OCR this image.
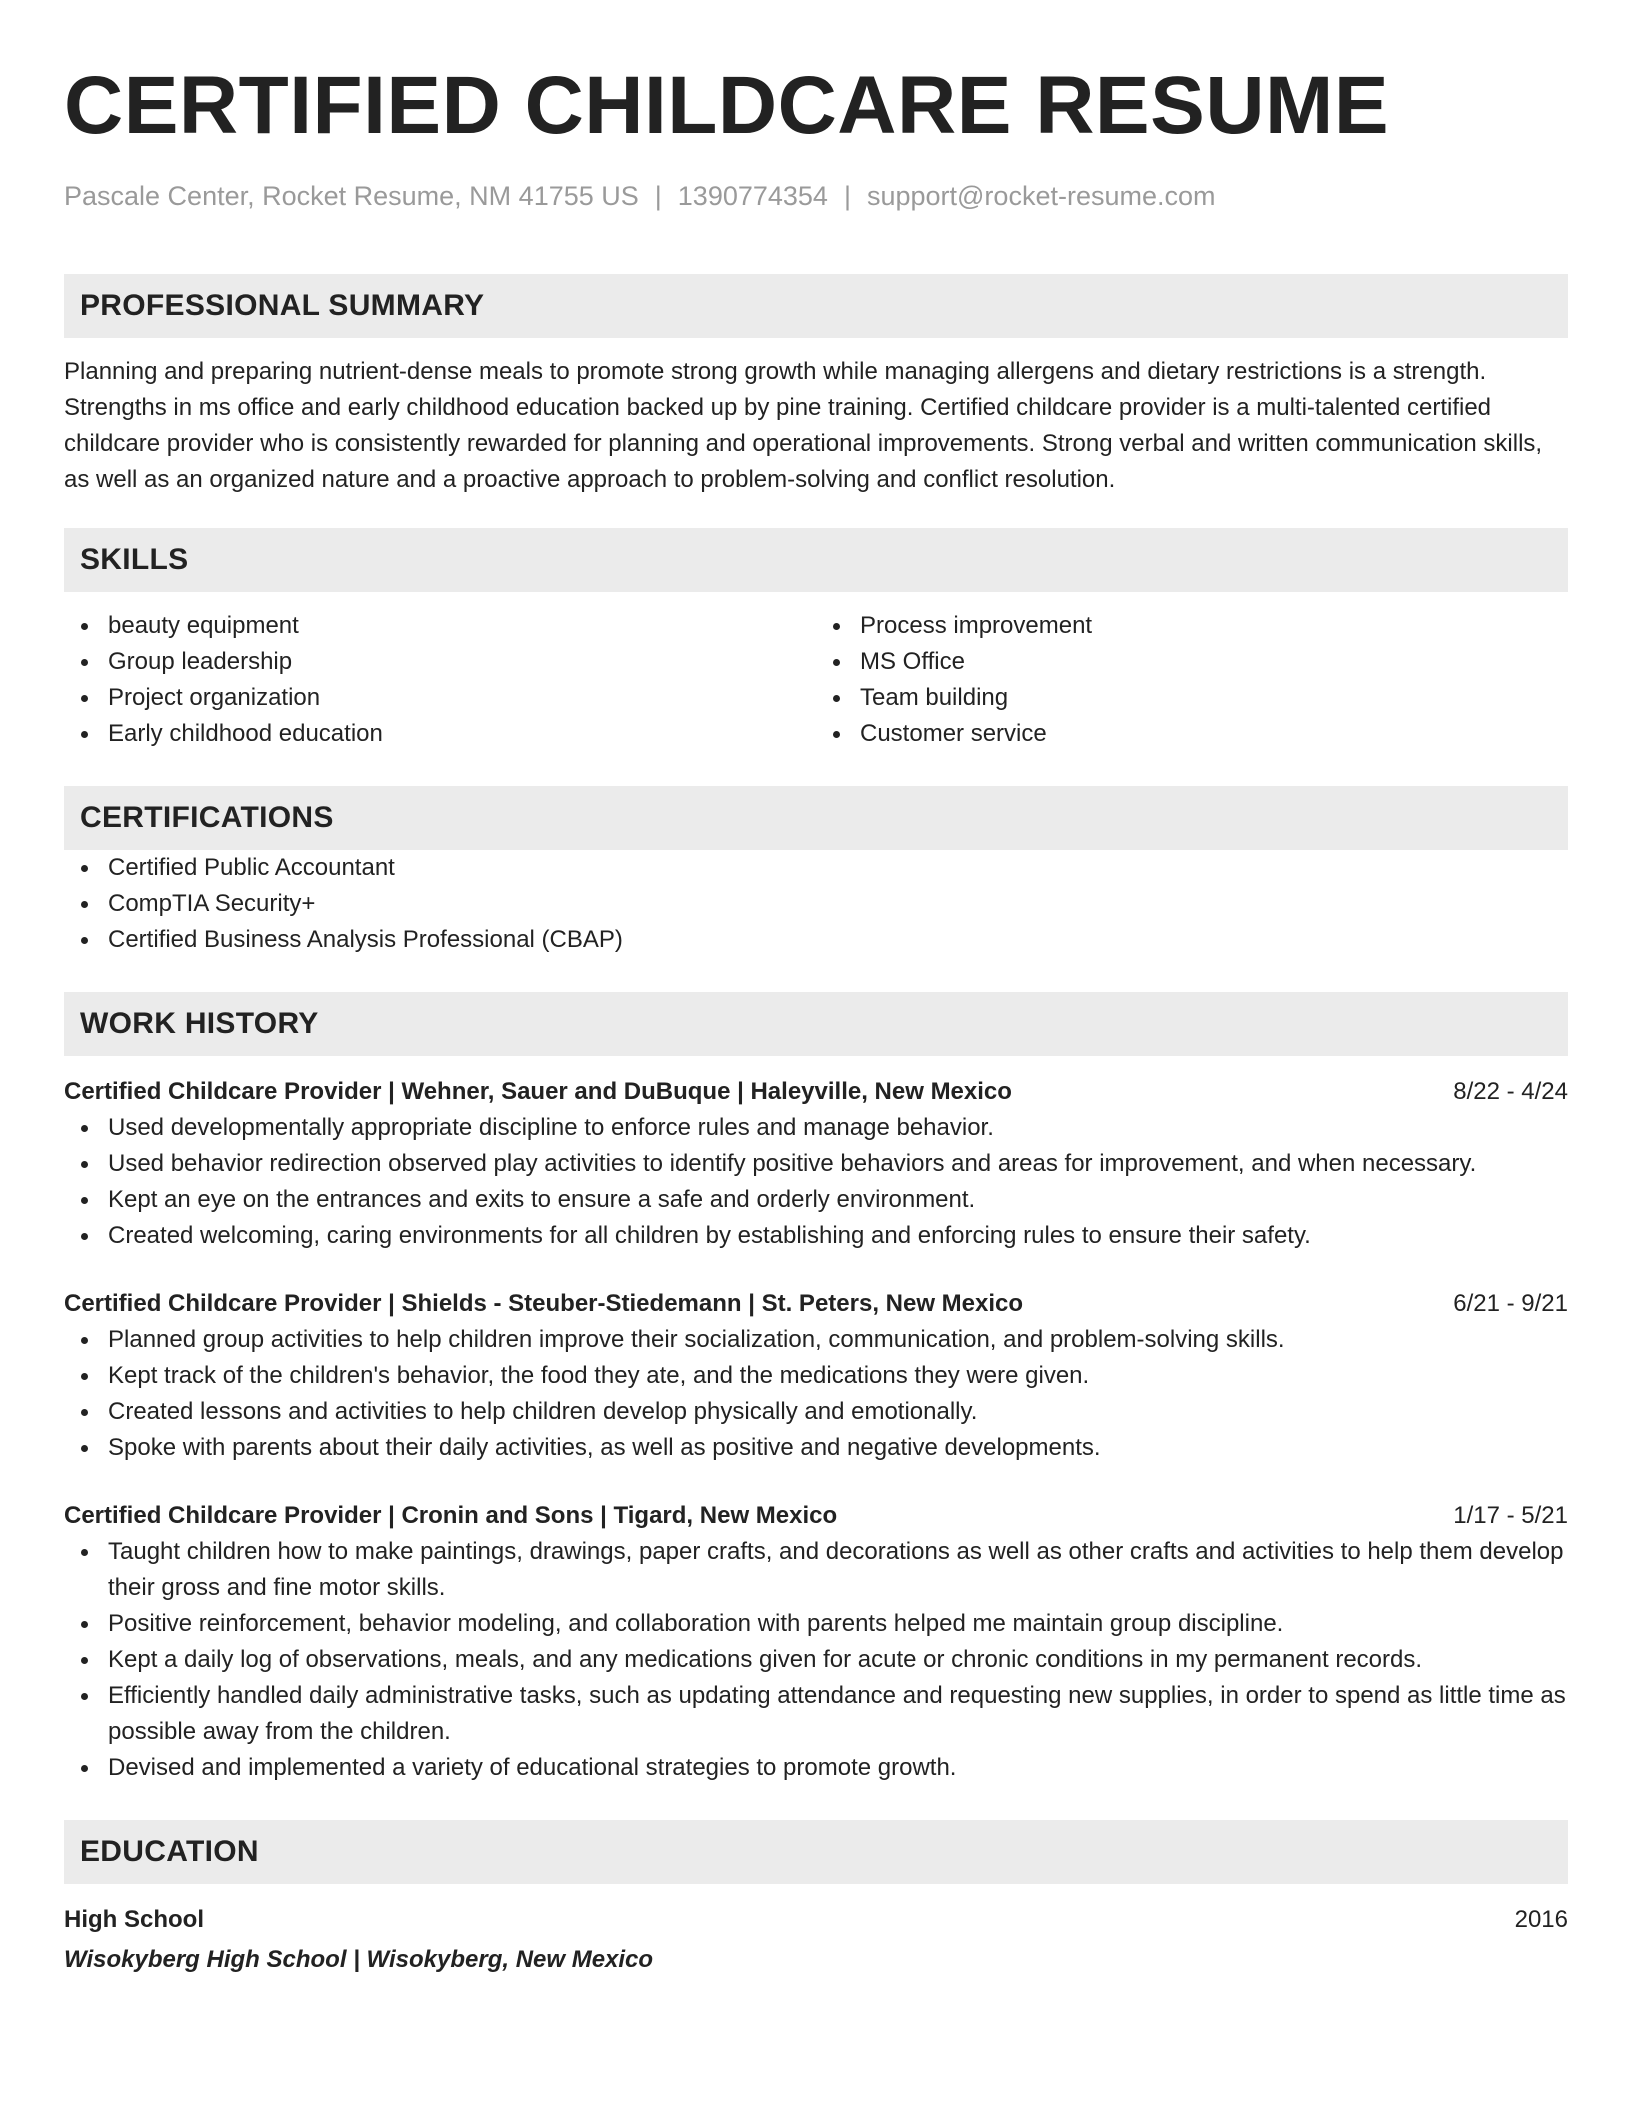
CERTIFIED CHILDCARE RESUME
Pascale Center, Rocket Resume, NM 41755 US | 1390774354 | support@rocket-resume.com
PROFESSIONAL SUMMARY
Planning and preparing nutrient-dense meals to promote strong growth while managing allergens and dietary restrictions is a strength. Strengths in ms office and early childhood education backed up by pine training. Certified childcare provider is a multi-talented certified childcare provider who is consistently rewarded for planning and operational improvements. Strong verbal and written communication skills, as well as an organized nature and a proactive approach to problem-solving and conflict resolution.
SKILLS
beauty equipment
Group leadership
Project organization
Early childhood education
Process improvement
MS Office
Team building
Customer service
CERTIFICATIONS
Certified Public Accountant
CompTIA Security+
Certified Business Analysis Professional (CBAP)
WORK HISTORY
Certified Childcare Provider | Wehner, Sauer and DuBuque | Haleyville, New Mexico	8/22 - 4/24
Used developmentally appropriate discipline to enforce rules and manage behavior.
Used behavior redirection observed play activities to identify positive behaviors and areas for improvement, and when necessary.
Kept an eye on the entrances and exits to ensure a safe and orderly environment.
Created welcoming, caring environments for all children by establishing and enforcing rules to ensure their safety.
Certified Childcare Provider | Shields - Steuber-Stiedemann | St. Peters, New Mexico	6/21 - 9/21
Planned group activities to help children improve their socialization, communication, and problem-solving skills.
Kept track of the children's behavior, the food they ate, and the medications they were given.
Created lessons and activities to help children develop physically and emotionally.
Spoke with parents about their daily activities, as well as positive and negative developments.
Certified Childcare Provider | Cronin and Sons | Tigard, New Mexico	1/17 - 5/21
Taught children how to make paintings, drawings, paper crafts, and decorations as well as other crafts and activities to help them develop their gross and fine motor skills.
Positive reinforcement, behavior modeling, and collaboration with parents helped me maintain group discipline.
Kept a daily log of observations, meals, and any medications given for acute or chronic conditions in my permanent records.
Efficiently handled daily administrative tasks, such as updating attendance and requesting new supplies, in order to spend as little time as possible away from the children.
Devised and implemented a variety of educational strategies to promote growth.
EDUCATION
High School	2016
Wisokyberg High School | Wisokyberg, New Mexico
